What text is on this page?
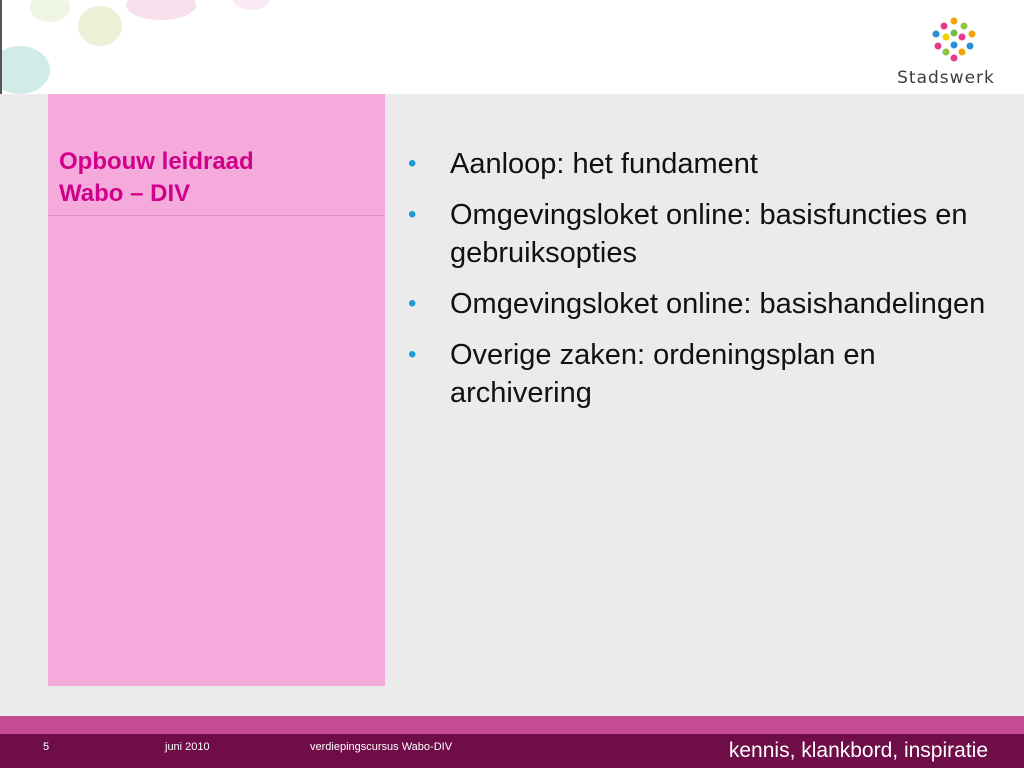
Stadswerk
Opbouw leidraad
Wabo – DIV
• Aanloop: het fundament
• Omgevingsloket online: basisfuncties en gebruiksopties
• Omgevingsloket online: basishandelingen
• Overige zaken: ordeningsplan en archivering
5	juni 2010	verdiepingscursus Wabo-DIV	kennis, klankbord, inspiratie
